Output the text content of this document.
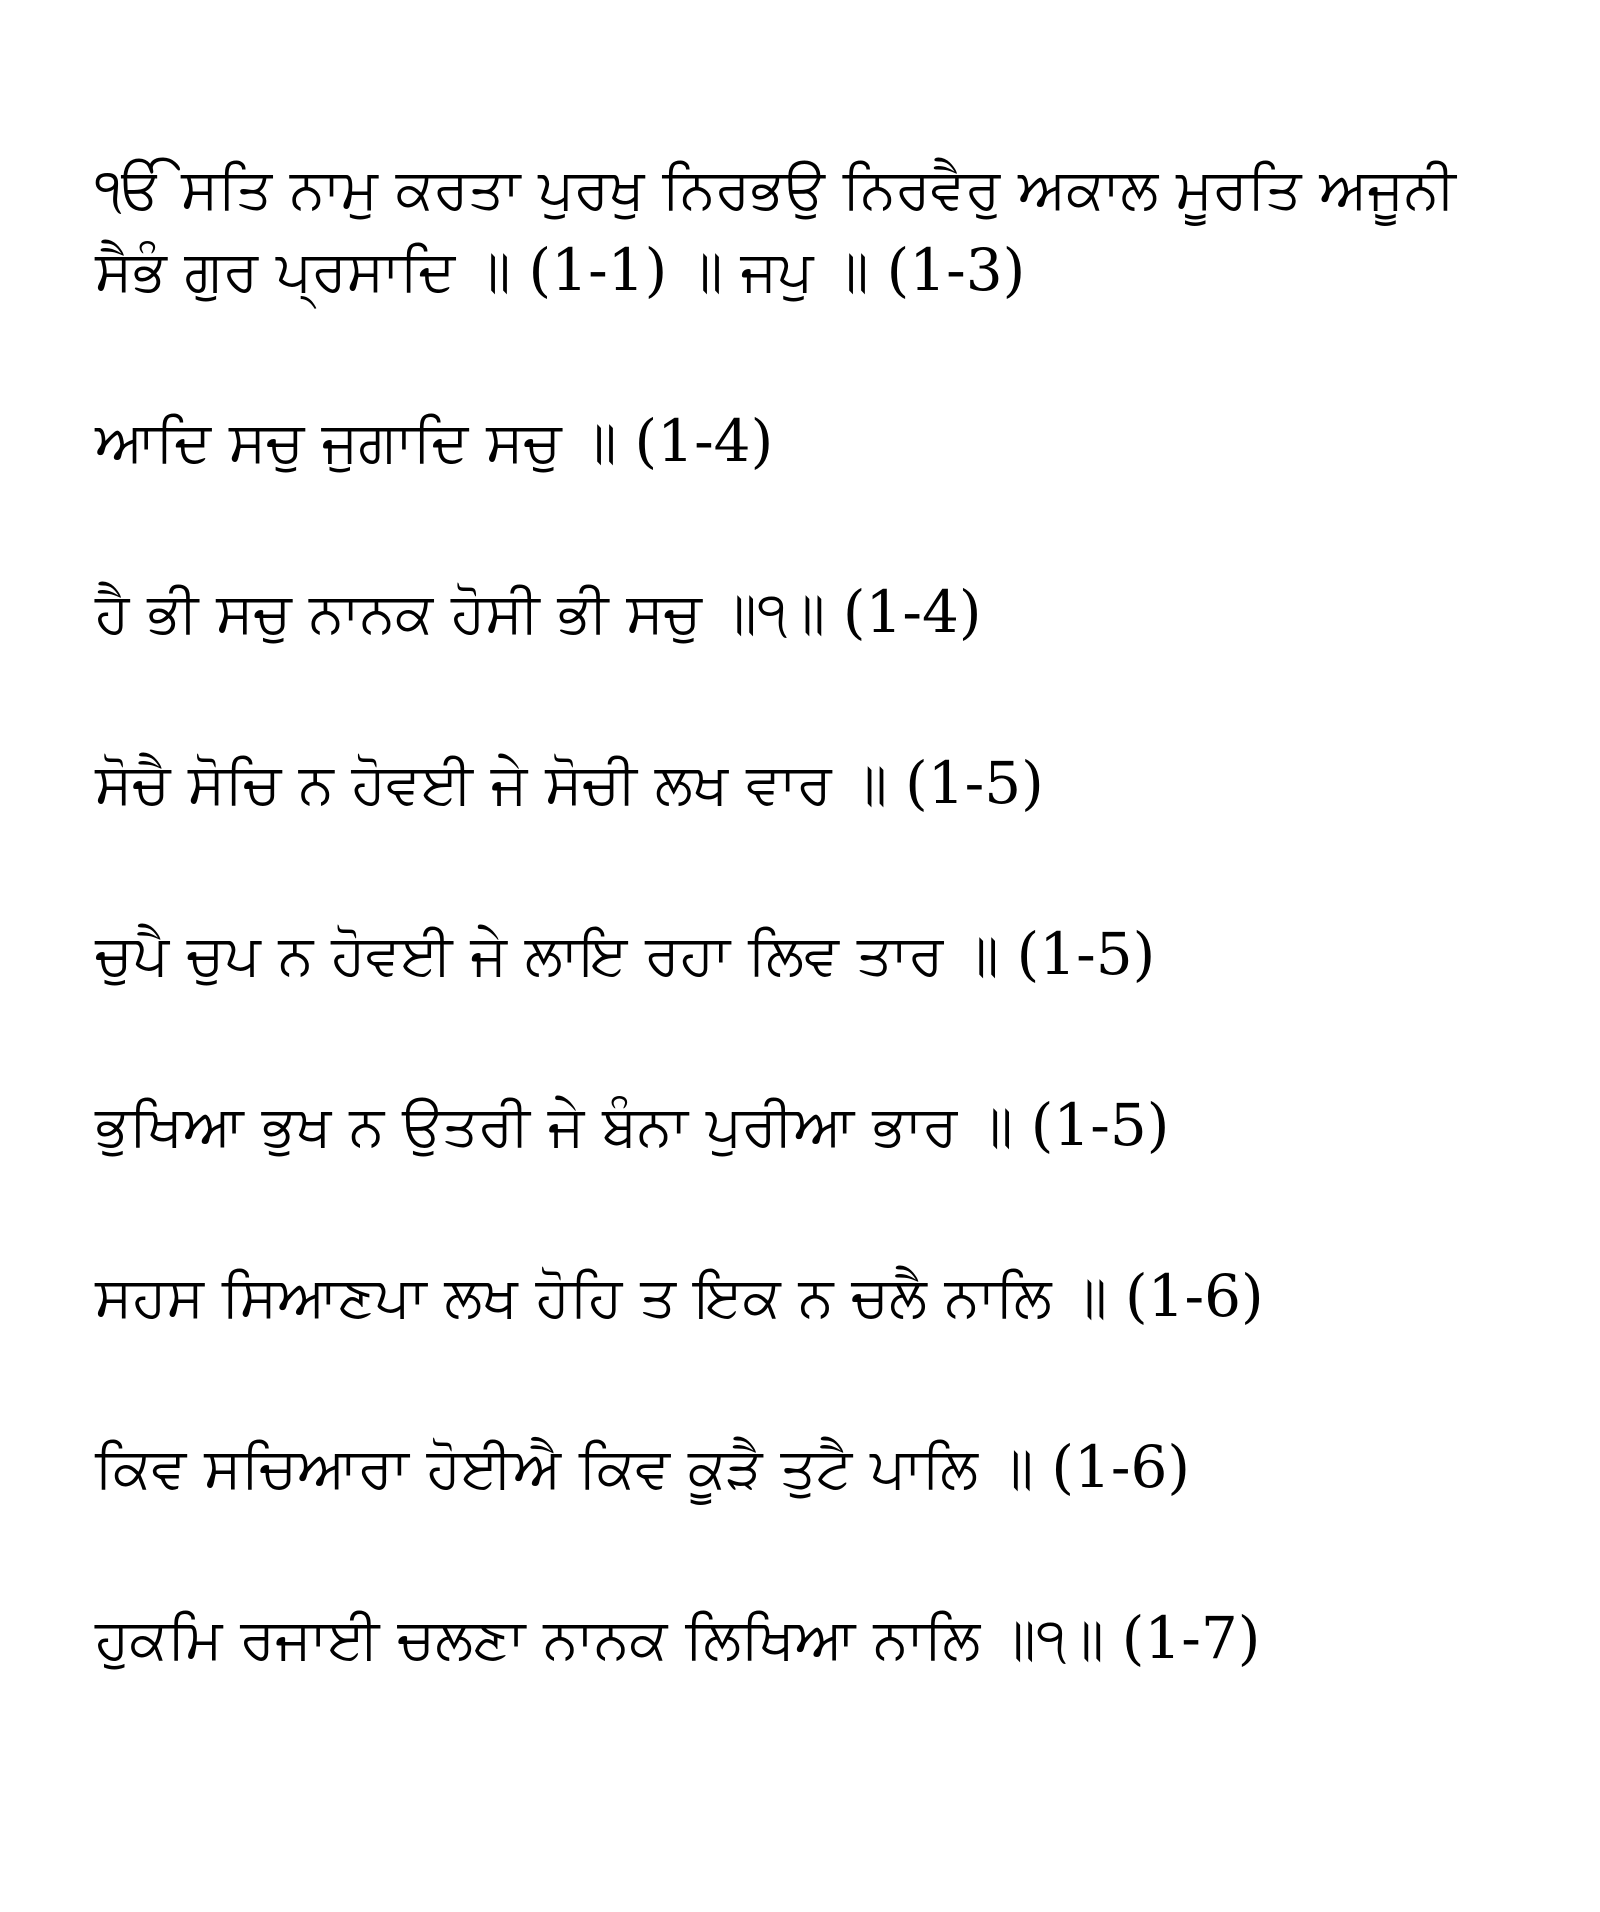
ੴ ਸਤਿ ਨਾਮੁ ਕਰਤਾ ਪੁਰਖੁ ਨਿਰਭਉ ਨਿਰਵੈਰੁ ਅਕਾਲ ਮੂਰਤਿ ਅਜੂਨੀ ਸੈਭੰ ਗੁਰ ਪ੍ਰਸਾਦਿ ॥ (1-1) ॥ ਜਪੁ ॥ (1-3)

ਆਦਿ ਸਚੁ ਜੁਗਾਦਿ ਸਚੁ ॥ (1-4)

ਹੈ ਭੀ ਸਚੁ ਨਾਨਕ ਹੋਸੀ ਭੀ ਸਚੁ ॥੧॥ (1-4)

ਸੋਚੈ ਸੋਚਿ ਨ ਹੋਵਈ ਜੇ ਸੋਚੀ ਲਖ ਵਾਰ ॥ (1-5)

ਚੁਪੈ ਚੁਪ ਨ ਹੋਵਈ ਜੇ ਲਾਇ ਰਹਾ ਲਿਵ ਤਾਰ ॥ (1-5)

ਭੁਖਿਆ ਭੁਖ ਨ ਉਤਰੀ ਜੇ ਬੰਨਾ ਪੁਰੀਆ ਭਾਰ ॥ (1-5)

ਸਹਸ ਸਿਆਣਪਾ ਲਖ ਹੋਹਿ ਤ ਇਕ ਨ ਚਲੈ ਨਾਲਿ ॥ (1-6)

ਕਿਵ ਸਚਿਆਰਾ ਹੋਈਐ ਕਿਵ ਕੂੜੈ ਤੁਟੈ ਪਾਲਿ ॥ (1-6)

ਹੁਕਮਿ ਰਜਾਈ ਚਲਣਾ ਨਾਨਕ ਲਿਖਿਆ ਨਾਲਿ ॥੧॥ (1-7)
